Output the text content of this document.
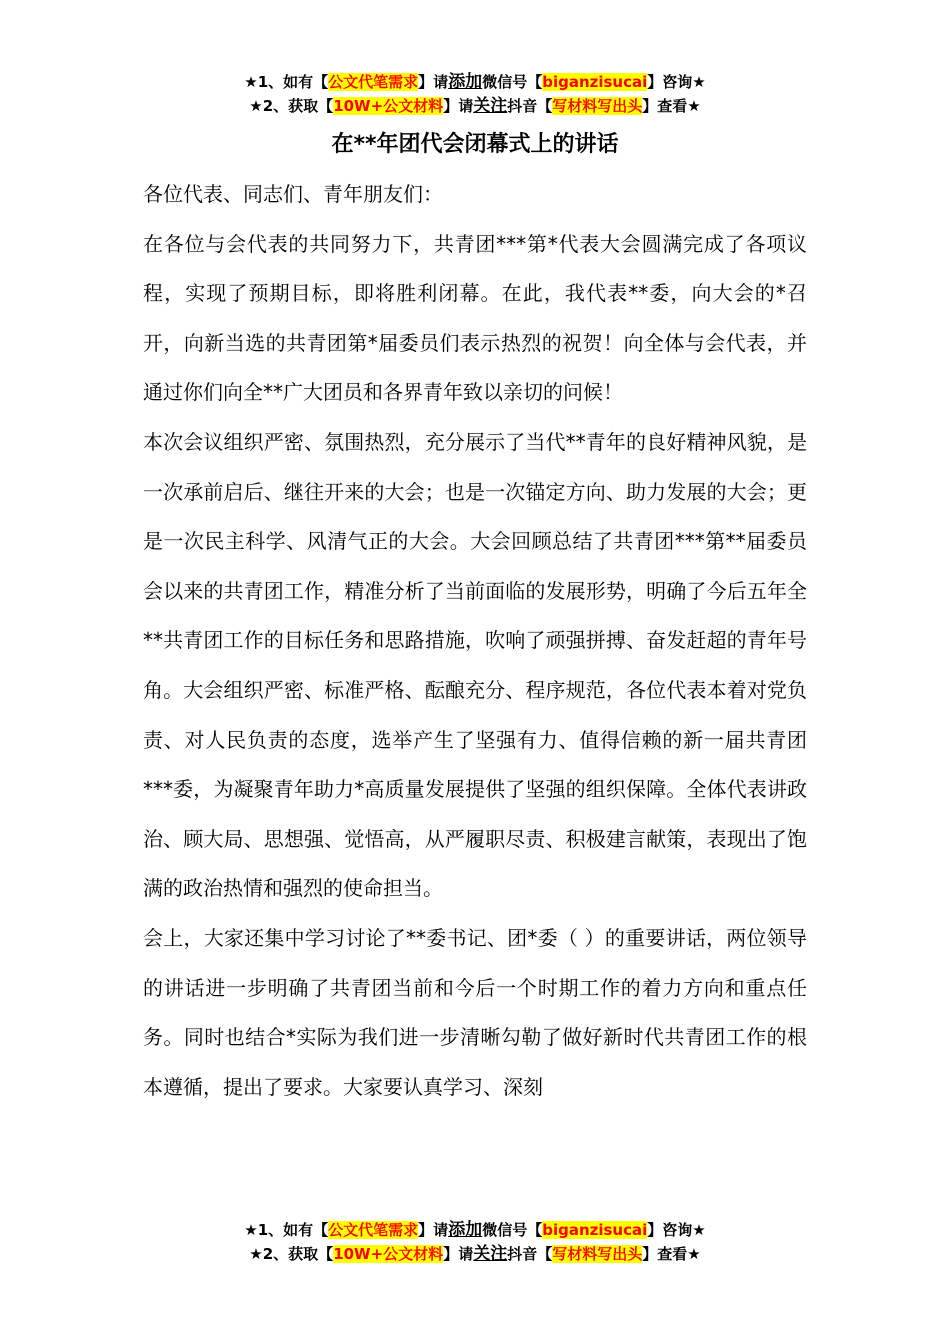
★1、如有【公文代笔需求】请添加微信号【biganzisucai】咨询★
★2、获取【10W+公文材料】请关注抖音【写材料写出头】查看★
在**年团代会闭幕式上的讲话

各位代表、同志们、青年朋友们：

在各位与会代表的共同努力下，共青团***第*代表大会圆满完成了各项议程，实现了预期目标，即将胜利闭幕。在此，我代表**委，向大会的*召开，向新当选的共青团第*届委员们表示热烈的祝贺！向全体与会代表，并通过你们向全**广大团员和各界青年致以亲切的问候！

本次会议组织严密、氛围热烈，充分展示了当代**青年的良好精神风貌，是一次承前启后、继往开来的大会；也是一次锚定方向、助力发展的大会；更是一次民主科学、风清气正的大会。大会回顾总结了共青团***第**届委员会以来的共青团工作，精准分析了当前面临的发展形势，明确了今后五年全**共青团工作的目标任务和思路措施，吹响了顽强拼搏、奋发赶超的青年号角。大会组织严密、标准严格、酝酿充分、程序规范，各位代表本着对党负责、对人民负责的态度，选举产生了坚强有力、值得信赖的新一届共青团***委，为凝聚青年助力*高质量发展提供了坚强的组织保障。全体代表讲政治、顾大局、思想强、觉悟高，从严履职尽责、积极建言献策，表现出了饱满的政治热情和强烈的使命担当。

会上，大家还集中学习讨论了**委书记、团*委（ ）的重要讲话，两位领导的讲话进一步明确了共青团当前和今后一个时期工作的着力方向和重点任务。同时也结合*实际为我们进一步清晰勾勒了做好新时代共青团工作的根本遵循，提出了要求。大家要认真学习、深刻

★1、如有【公文代笔需求】请添加微信号【biganzisucai】咨询★
★2、获取【10W+公文材料】请关注抖音【写材料写出头】查看★
